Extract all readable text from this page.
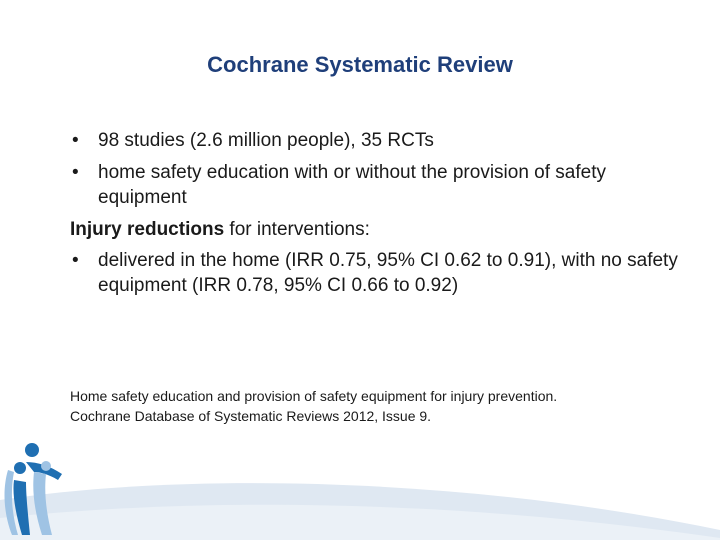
Cochrane Systematic Review
• 98 studies (2.6 million people), 35 RCTs
• home safety education with or without the provision of safety equipment
Injury reductions for interventions:
• delivered in the home (IRR 0.75, 95% CI 0.62 to 0.91), with no safety equipment (IRR 0.78, 95% CI 0.66 to 0.92)
Home safety education and provision of safety equipment for injury prevention.
Cochrane Database of Systematic Reviews 2012, Issue 9.
